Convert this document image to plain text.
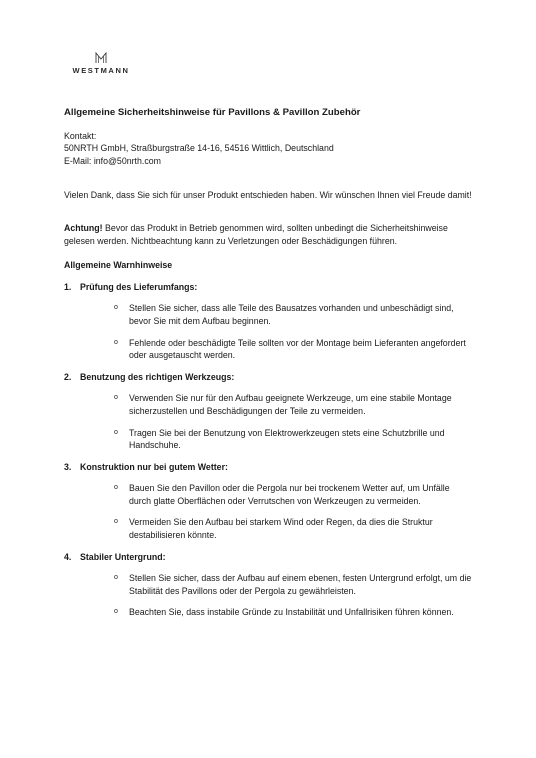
WESTMANN
Allgemeine Sicherheitshinweise für Pavillons & Pavillon Zubehör
Kontakt:
50NRTH GmbH, Straßburgstraße 14-16, 54516 Wittlich, Deutschland
E-Mail: info@50nrth.com
Vielen Dank, dass Sie sich für unser Produkt entschieden haben. Wir wünschen Ihnen viel Freude damit!
Achtung! Bevor das Produkt in Betrieb genommen wird, sollten unbedingt die Sicherheitshinweise gelesen werden. Nichtbeachtung kann zu Verletzungen oder Beschädigungen führen.
Allgemeine Warnhinweise
1. Prüfung des Lieferumfangs:
o Stellen Sie sicher, dass alle Teile des Bausatzes vorhanden und unbeschädigt sind, bevor Sie mit dem Aufbau beginnen.
o Fehlende oder beschädigte Teile sollten vor der Montage beim Lieferanten angefordert oder ausgetauscht werden.
2. Benutzung des richtigen Werkzeugs:
o Verwenden Sie nur für den Aufbau geeignete Werkzeuge, um eine stabile Montage sicherzustellen und Beschädigungen der Teile zu vermeiden.
o Tragen Sie bei der Benutzung von Elektrowerkzeugen stets eine Schutzbrille und Handschuhe.
3. Konstruktion nur bei gutem Wetter:
o Bauen Sie den Pavillon oder die Pergola nur bei trockenem Wetter auf, um Unfälle durch glatte Oberflächen oder Verrutschen von Werkzeugen zu vermeiden.
o Vermeiden Sie den Aufbau bei starkem Wind oder Regen, da dies die Struktur destabilisieren könnte.
4. Stabiler Untergrund:
o Stellen Sie sicher, dass der Aufbau auf einem ebenen, festen Untergrund erfolgt, um die Stabilität des Pavillons oder der Pergola zu gewährleisten.
o Beachten Sie, dass instabile Gründe zu Instabilität und Unfallrisiken führen können.
